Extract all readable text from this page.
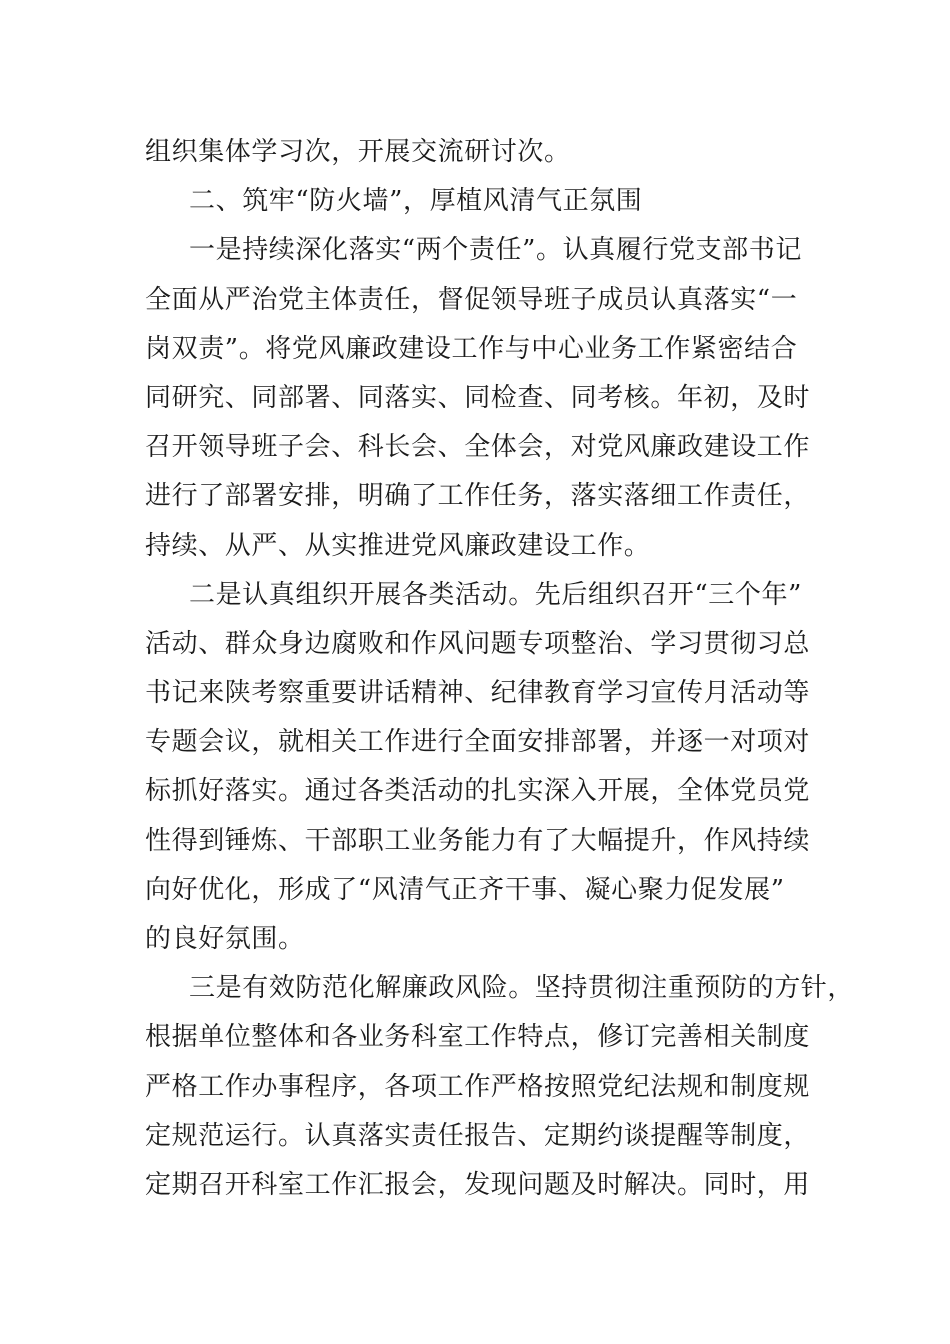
组织集体学习次，开展交流研讨次。
二、筑牢“防火墙”，厚植风清气正氛围
一是持续深化落实“两个责任”。认真履行党支部书记
全面从严治党主体责任，督促领导班子成员认真落实“一
岗双责”。将党风廉政建设工作与中心业务工作紧密结合
同研究、同部署、同落实、同检查、同考核。年初，及时
召开领导班子会、科长会、全体会，对党风廉政建设工作
进行了部署安排，明确了工作任务，落实落细工作责任，
持续、从严、从实推进党风廉政建设工作。
二是认真组织开展各类活动。先后组织召开“三个年”
活动、群众身边腐败和作风问题专项整治、学习贯彻习总
书记来陕考察重要讲话精神、纪律教育学习宣传月活动等
专题会议，就相关工作进行全面安排部署，并逐一对项对
标抓好落实。通过各类活动的扎实深入开展，全体党员党
性得到锤炼、干部职工业务能力有了大幅提升，作风持续
向好优化，形成了“风清气正齐干事、凝心聚力促发展”
的良好氛围。
三是有效防范化解廉政风险。坚持贯彻注重预防的方针，
根据单位整体和各业务科室工作特点，修订完善相关制度
严格工作办事程序，各项工作严格按照党纪法规和制度规
定规范运行。认真落实责任报告、定期约谈提醒等制度，
定期召开科室工作汇报会，发现问题及时解决。同时，用
